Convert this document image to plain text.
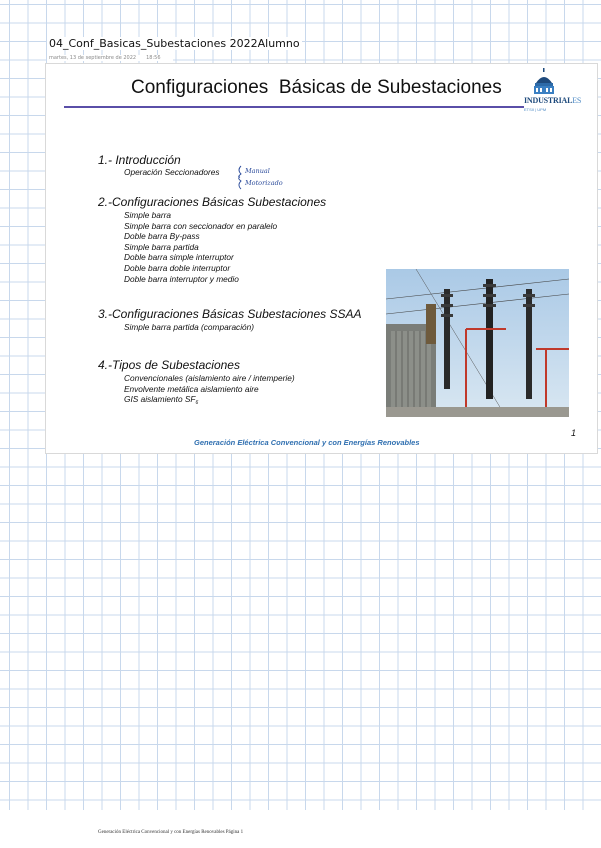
04_Conf_Basicas_Subestaciones 2022Alumno
martes, 13 de septiembre de 2022 18:56
Configuraciones  Básicas de Subestaciones
INDUSTRIALES
ETSII | UPM
1.- Introducción
Operación Seccionadores	Manual
Motorizado
2.-Configuraciones Básicas Subestaciones
Simple barra
Simple barra con seccionador en paralelo
Doble barra By-pass
Simple barra partida
Doble barra simple interruptor
Doble barra doble interruptor
Doble barra interruptor y medio
3.-Configuraciones Básicas Subestaciones SSAA
Simple barra partida (comparación)
4.-Tipos de Subestaciones
Convencionales (aislamiento aire / intemperie)
Envolvente metálica aislamiento aire
GIS aislamiento $SF_6$
1
Generación Eléctrica Convencional y con Energías Renovables
Generación Eléctrica Convencional y con Energías Renovables Página 1
